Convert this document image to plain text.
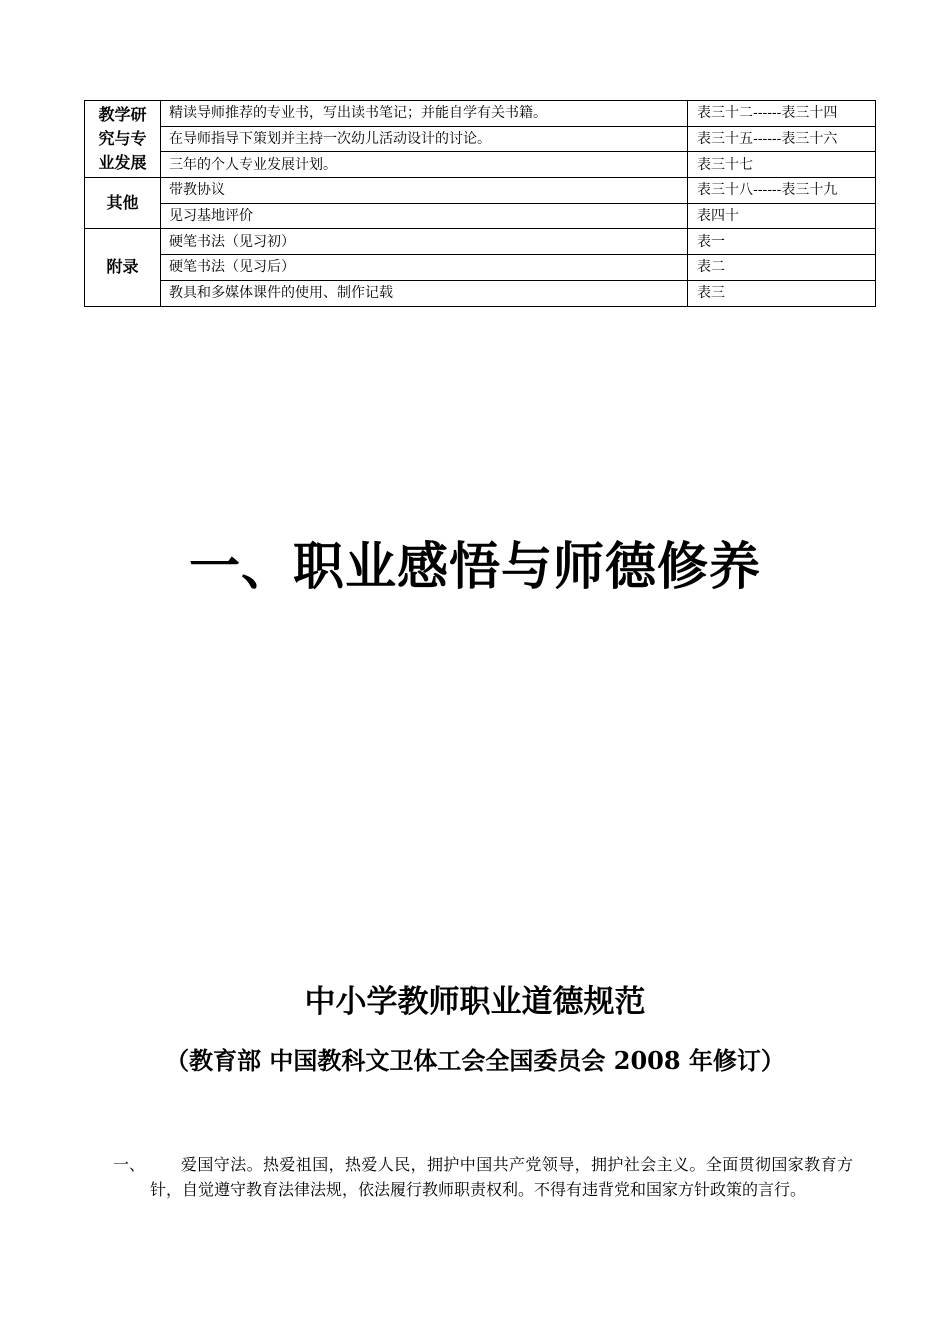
教学研
究与专
业发展	精读导师推荐的专业书，写出读书笔记；并能自学有关书籍。	表三十二------表三十四
	在导师指导下策划并主持一次幼儿活动设计的讨论。	表三十五------表三十六
	三年的个人专业发展计划。	表三十七
其他	带教协议	表三十八------表三十九
	见习基地评价	表四十
附录	硬笔书法（见习初）	表一
	硬笔书法（见习后）	表二
	教具和多媒体课件的使用、制作记载	表三
一、职业感悟与师德修养
中小学教师职业道德规范
（教育部 中国教科文卫体工会全国委员会 2008 年修订）
一、	爱国守法。热爱祖国，热爱人民，拥护中国共产党领导，拥护社会主义。全面贯彻国家教育方针，自觉遵守教育法律法规，依法履行教师职责权利。不得有违背党和国家方针政策的言行。
